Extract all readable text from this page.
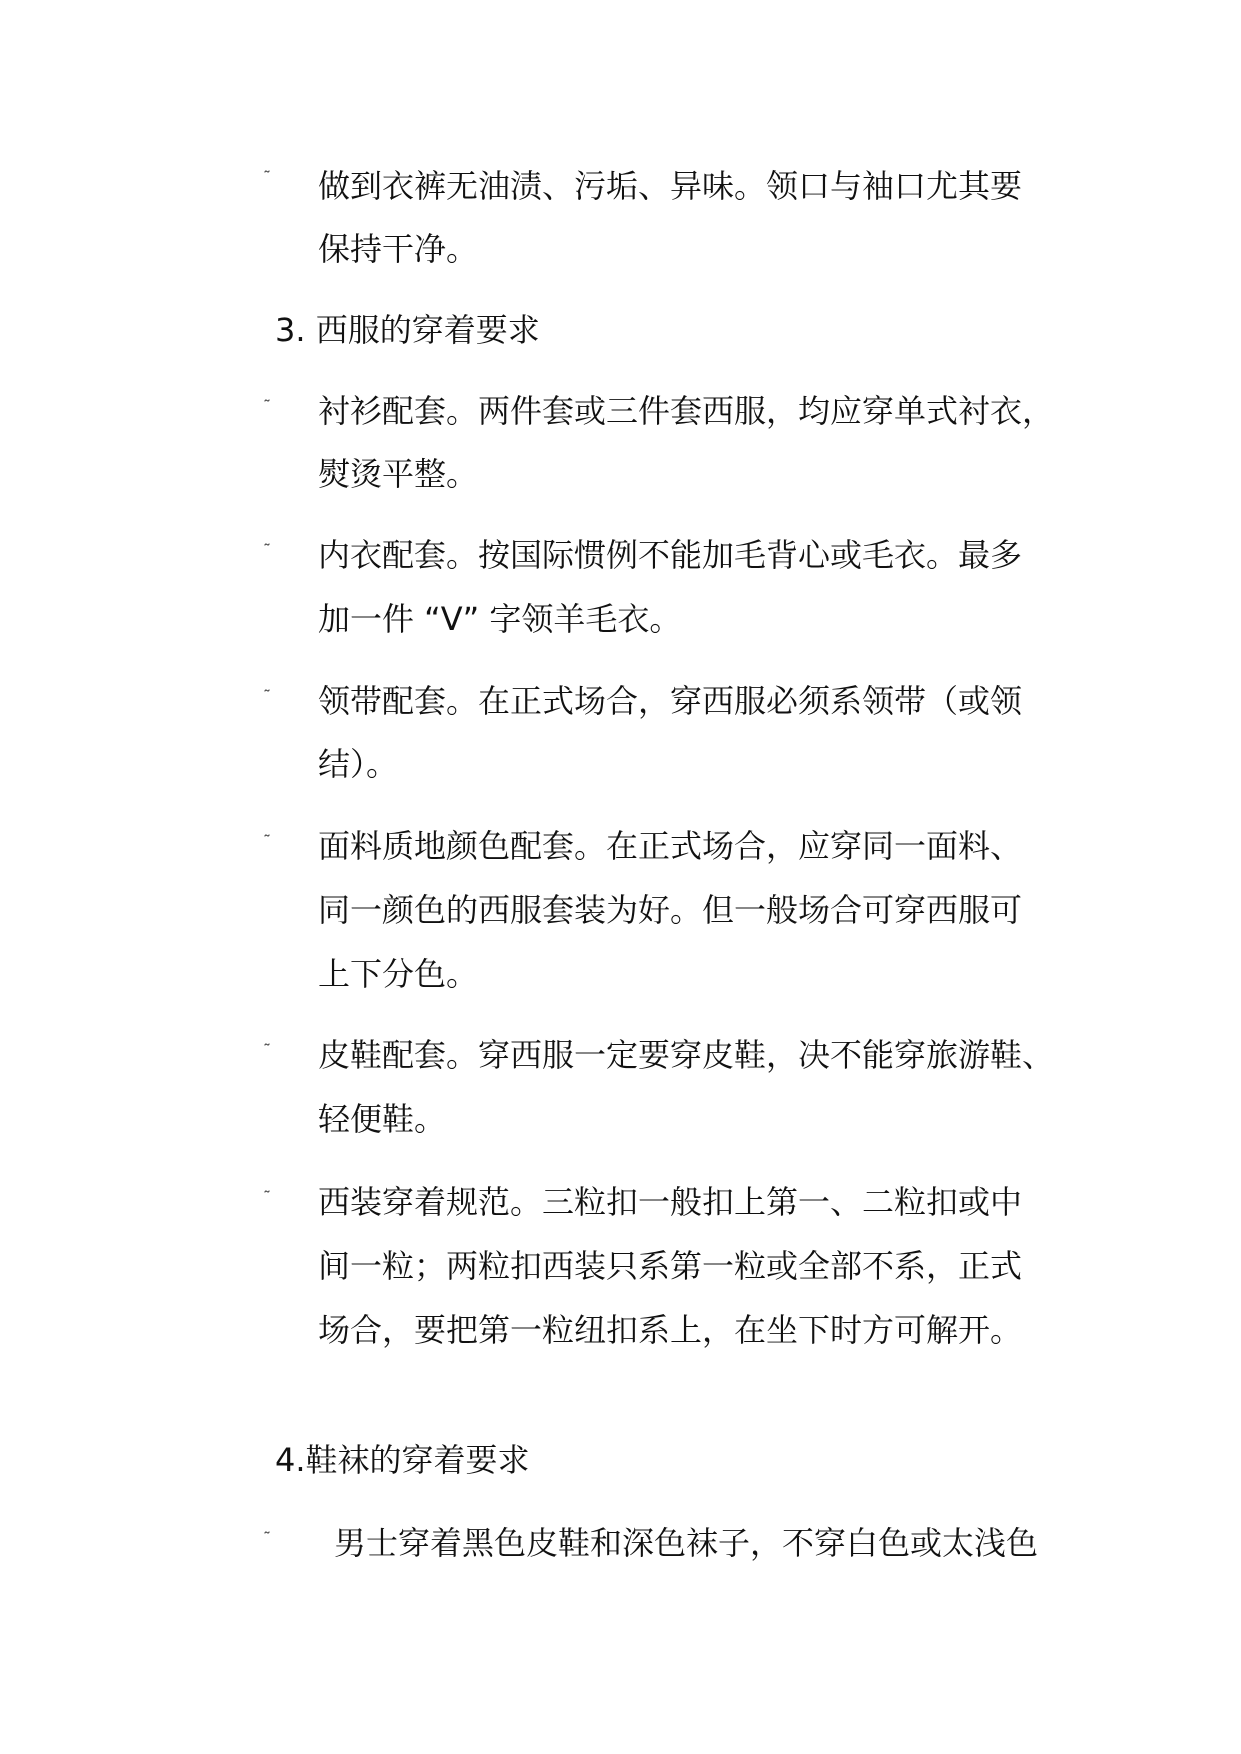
˜ 做到衣裤无油渍、污垢、异味。领口与袖口尤其要
保持干净。
3. 西服的穿着要求
˜ 衬衫配套。两件套或三件套西服，均应穿单式衬衣，
熨烫平整。
˜ 内衣配套。按国际惯例不能加毛背心或毛衣。最多
加一件 “V” 字领羊毛衣。
˜ 领带配套。在正式场合，穿西服必须系领带（或领
结）。
˜ 面料质地颜色配套。在正式场合，应穿同一面料、
同一颜色的西服套装为好。但一般场合可穿西服可
上下分色。
˜ 皮鞋配套。穿西服一定要穿皮鞋，决不能穿旅游鞋、
轻便鞋。
˜ 西装穿着规范。三粒扣一般扣上第一、二粒扣或中
间一粒；两粒扣西装只系第一粒或全部不系，正式
场合，要把第一粒纽扣系上，在坐下时方可解开。
4.鞋袜的穿着要求
˜ 男士穿着黑色皮鞋和深色袜子，不穿白色或太浅色
